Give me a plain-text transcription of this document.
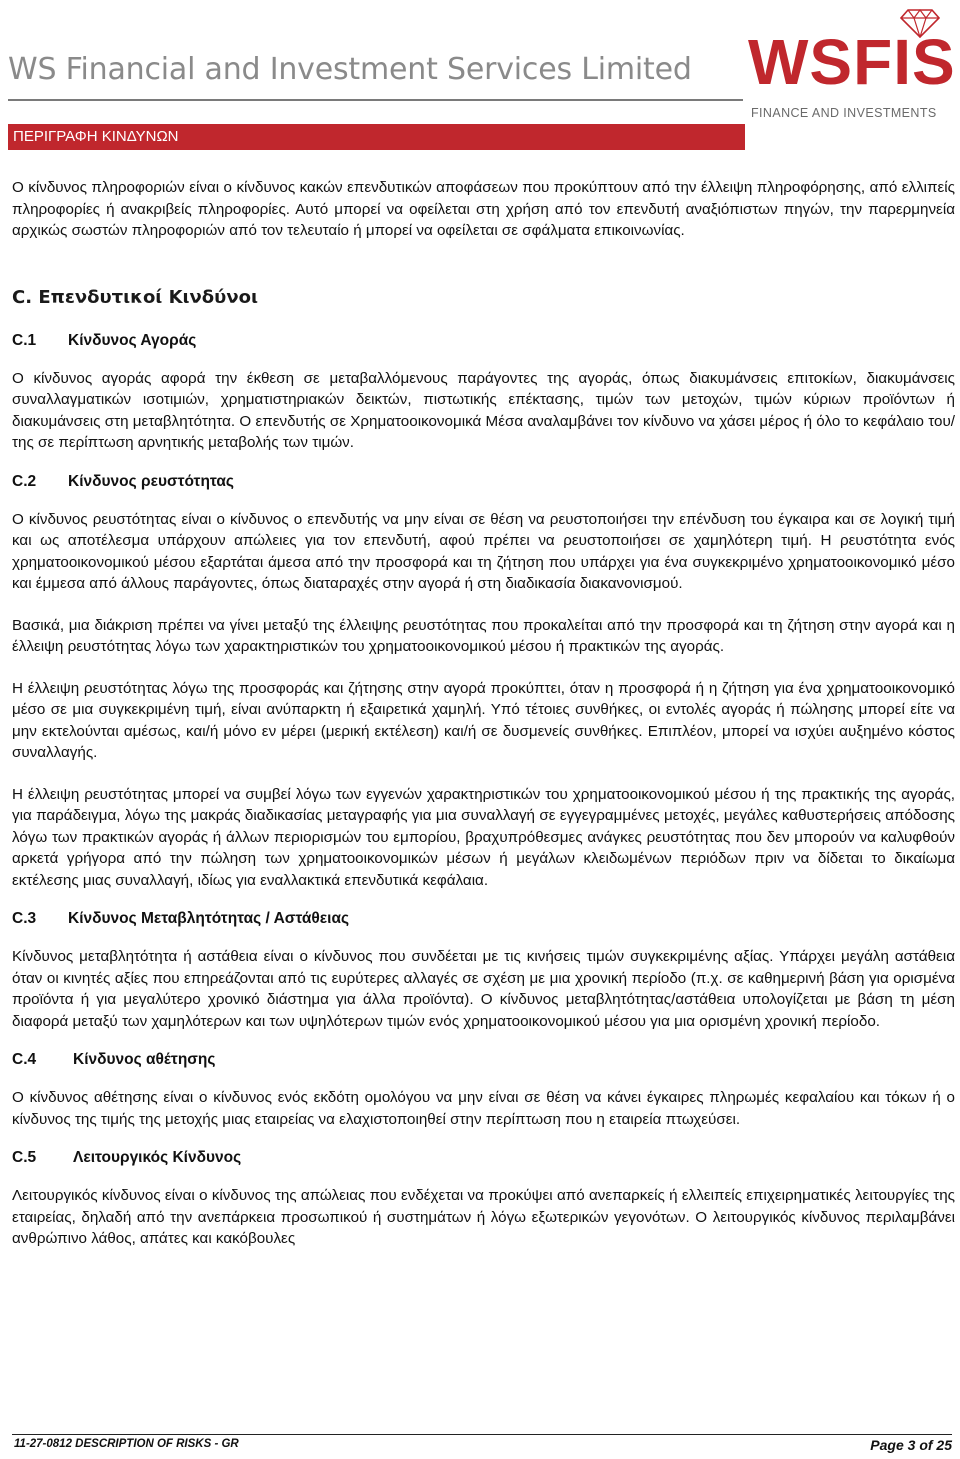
WS Financial and Investment Services Limited WSFIS
FINANCE AND INVESTMENTS
ΠΕΡΙΓΡΑΦΗ ΚΙΝΔΥΝΩΝ

Ο κίνδυνος πληροφοριών είναι ο κίνδυνος κακών επενδυτικών αποφάσεων που προκύπτουν από την έλλειψη πληροφόρησης, από ελλιπείς πληροφορίες ή ανακριβείς πληροφορίες. Αυτό μπορεί να οφείλεται στη χρήση από τον επενδυτή αναξιόπιστων πηγών, την παρερμηνεία αρχικώς σωστών πληροφοριών από τον τελευταίο ή μπορεί να οφείλεται σε σφάλματα επικοινωνίας.

C. Επενδυτικοί Κινδύνοι

C.1 Κίνδυνος Αγοράς

Ο κίνδυνος αγοράς αφορά την έκθεση σε μεταβαλλόμενους παράγοντες της αγοράς, όπως διακυμάνσεις επιτοκίων, διακυμάνσεις συναλλαγματικών ισοτιμιών, χρηματιστηριακών δεικτών, πιστωτικής επέκτασης, τιμών των μετοχών, τιμών κύριων προϊόντων ή διακυμάνσεις στη μεταβλητότητα. Ο επενδυτής σε Χρηματοοικονομικά Μέσα αναλαμβάνει τον κίνδυνο να χάσει μέρος ή όλο το κεφάλαιο του/της σε περίπτωση αρνητικής μεταβολής των τιμών.

C.2 Κίνδυνος ρευστότητας

Ο κίνδυνος ρευστότητας είναι ο κίνδυνος ο επενδυτής να μην είναι σε θέση να ρευστοποιήσει την επένδυση του έγκαιρα και σε λογική τιμή και ως αποτέλεσμα υπάρχουν απώλειες για τον επενδυτή, αφού πρέπει να ρευστοποιήσει σε χαμηλότερη τιμή. Η ρευστότητα ενός χρηματοοικονομικού μέσου εξαρτάται άμεσα από την προσφορά και τη ζήτηση που υπάρχει για ένα συγκεκριμένο χρηματοοικονομικό μέσο και έμμεσα από άλλους παράγοντες, όπως διαταραχές στην αγορά ή στη διαδικασία διακανονισμού.

Βασικά, μια διάκριση πρέπει να γίνει μεταξύ της έλλειψης ρευστότητας που προκαλείται από την προσφορά και τη ζήτηση στην αγορά και η έλλειψη ρευστότητας λόγω των χαρακτηριστικών του χρηματοοικονομικού μέσου ή πρακτικών της αγοράς.

Η έλλειψη ρευστότητας λόγω της προσφοράς και ζήτησης στην αγορά προκύπτει, όταν η προσφορά ή η ζήτηση για ένα χρηματοοικονομικό μέσο σε μια συγκεκριμένη τιμή, είναι ανύπαρκτη ή εξαιρετικά χαμηλή. Υπό τέτοιες συνθήκες, οι εντολές αγοράς ή πώλησης μπορεί είτε να μην εκτελούνται αμέσως, και/ή μόνο εν μέρει (μερική εκτέλεση) και/ή σε δυσμενείς συνθήκες. Επιπλέον, μπορεί να ισχύει αυξημένο κόστος συναλλαγής.

Η έλλειψη ρευστότητας μπορεί να συμβεί λόγω των εγγενών χαρακτηριστικών του χρηματοοικονομικού μέσου ή της πρακτικής της αγοράς, για παράδειγμα, λόγω της μακράς διαδικασίας μεταγραφής για μια συναλλαγή σε εγγεγραμμένες μετοχές, μεγάλες καθυστερήσεις απόδοσης λόγω των πρακτικών αγοράς ή άλλων περιορισμών του εμπορίου, βραχυπρόθεσμες ανάγκες ρευστότητας που δεν μπορούν να καλυφθούν αρκετά γρήγορα από την πώληση των χρηματοοικονομικών μέσων ή μεγάλων κλειδωμένων περιόδων πριν να δίδεται το δικαίωμα εκτέλεσης μιας συναλλαγή, ιδίως για εναλλακτικά επενδυτικά κεφάλαια.

C.3 Κίνδυνος Μεταβλητότητας / Αστάθειας

Κίνδυνος μεταβλητότητα ή αστάθεια είναι ο κίνδυνος που συνδέεται με τις κινήσεις τιμών συγκεκριμένης αξίας. Υπάρχει μεγάλη αστάθεια όταν οι κινητές αξίες που επηρεάζονται από τις ευρύτερες αλλαγές σε σχέση με μια χρονική περίοδο (π.χ. σε καθημερινή βάση για ορισμένα προϊόντα ή για μεγαλύτερο χρονικό διάστημα για άλλα προϊόντα). Ο κίνδυνος μεταβλητότητας/αστάθεια υπολογίζεται με βάση τη μέση διαφορά μεταξύ των χαμηλότερων και των υψηλότερων τιμών ενός χρηματοοικονομικού μέσου για μια ορισμένη χρονική περίοδο.

C.4 Κίνδυνος αθέτησης

Ο κίνδυνος αθέτησης είναι ο κίνδυνος ενός εκδότη ομολόγου να μην είναι σε θέση να κάνει έγκαιρες πληρωμές κεφαλαίου και τόκων ή ο κίνδυνος της τιμής της μετοχής μιας εταιρείας να ελαχιστοποιηθεί στην περίπτωση που η εταιρεία πτωχεύσει.

C.5 Λειτουργικός Κίνδυνος

Λειτουργικός κίνδυνος είναι ο κίνδυνος της απώλειας που ενδέχεται να προκύψει από ανεπαρκείς ή ελλειπείς επιχειρηματικές λειτουργίες της εταιρείας, δηλαδή από την ανεπάρκεια προσωπικού ή συστημάτων ή λόγω εξωτερικών γεγονότων. Ο λειτουργικός κίνδυνος περιλαμβάνει ανθρώπινο λάθος, απάτες και κακόβουλες

11-27-0812 DESCRIPTION OF RISKS - GR	Page 3 of 25
